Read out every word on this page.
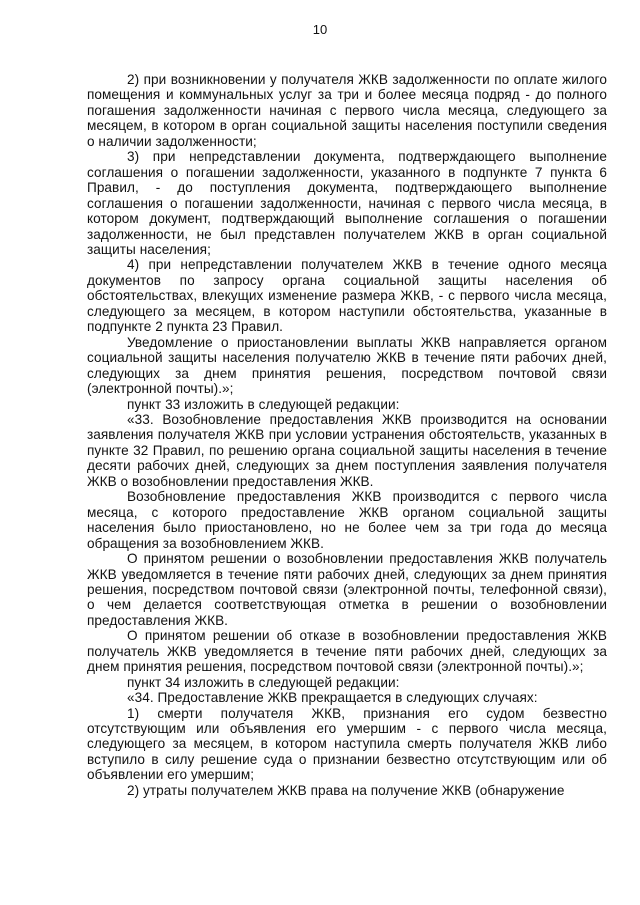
10

2) при возникновении у получателя ЖКВ задолженности по оплате жилого помещения и коммунальных услуг за три и более месяца подряд - до полного погашения задолженности начиная с первого числа месяца, следующего за месяцем, в котором в орган социальной защиты населения поступили сведения о наличии задолженности;

3) при непредставлении документа, подтверждающего выполнение соглашения о погашении задолженности, указанного в подпункте 7 пункта 6 Правил, - до поступления документа, подтверждающего выполнение соглашения о погашении задолженности, начиная с первого числа месяца, в котором документ, подтверждающий выполнение соглашения о погашении задолженности, не был представлен получателем ЖКВ в орган социальной защиты населения;

4) при непредставлении получателем ЖКВ в течение одного месяца документов по запросу органа социальной защиты населения об обстоятельствах, влекущих изменение размера ЖКВ, - с первого числа месяца, следующего за месяцем, в котором наступили обстоятельства, указанные в подпункте 2 пункта 23 Правил.

Уведомление о приостановлении выплаты ЖКВ направляется органом социальной защиты населения получателю ЖКВ в течение пяти рабочих дней, следующих за днем принятия решения, посредством почтовой связи (электронной почты).»;

пункт 33 изложить в следующей редакции:

«33. Возобновление предоставления ЖКВ производится на основании заявления получателя ЖКВ при условии устранения обстоятельств, указанных в пункте 32 Правил, по решению органа социальной защиты населения в течение десяти рабочих дней, следующих за днем поступления заявления получателя ЖКВ о возобновлении предоставления ЖКВ.

Возобновление предоставления ЖКВ производится с первого числа месяца, с которого предоставление ЖКВ органом социальной защиты населения было приостановлено, но не более чем за три года до месяца обращения за возобновлением ЖКВ.

О принятом решении о возобновлении предоставления ЖКВ получатель ЖКВ уведомляется в течение пяти рабочих дней, следующих за днем принятия решения, посредством почтовой связи (электронной почты, телефонной связи), о чем делается соответствующая отметка в решении о возобновлении предоставления ЖКВ.

О принятом решении об отказе в возобновлении предоставления ЖКВ получатель ЖКВ уведомляется в течение пяти рабочих дней, следующих за днем принятия решения, посредством почтовой связи (электронной почты).»;

пункт 34 изложить в следующей редакции:

«34. Предоставление ЖКВ прекращается в следующих случаях:

1) смерти получателя ЖКВ, признания его судом безвестно отсутствующим или объявления его умершим - с первого числа месяца, следующего за месяцем, в котором наступила смерть получателя ЖКВ либо вступило в силу решение суда о признании безвестно отсутствующим или об объявлении его умершим;

2) утраты получателем ЖКВ права на получение ЖКВ (обнаружение
